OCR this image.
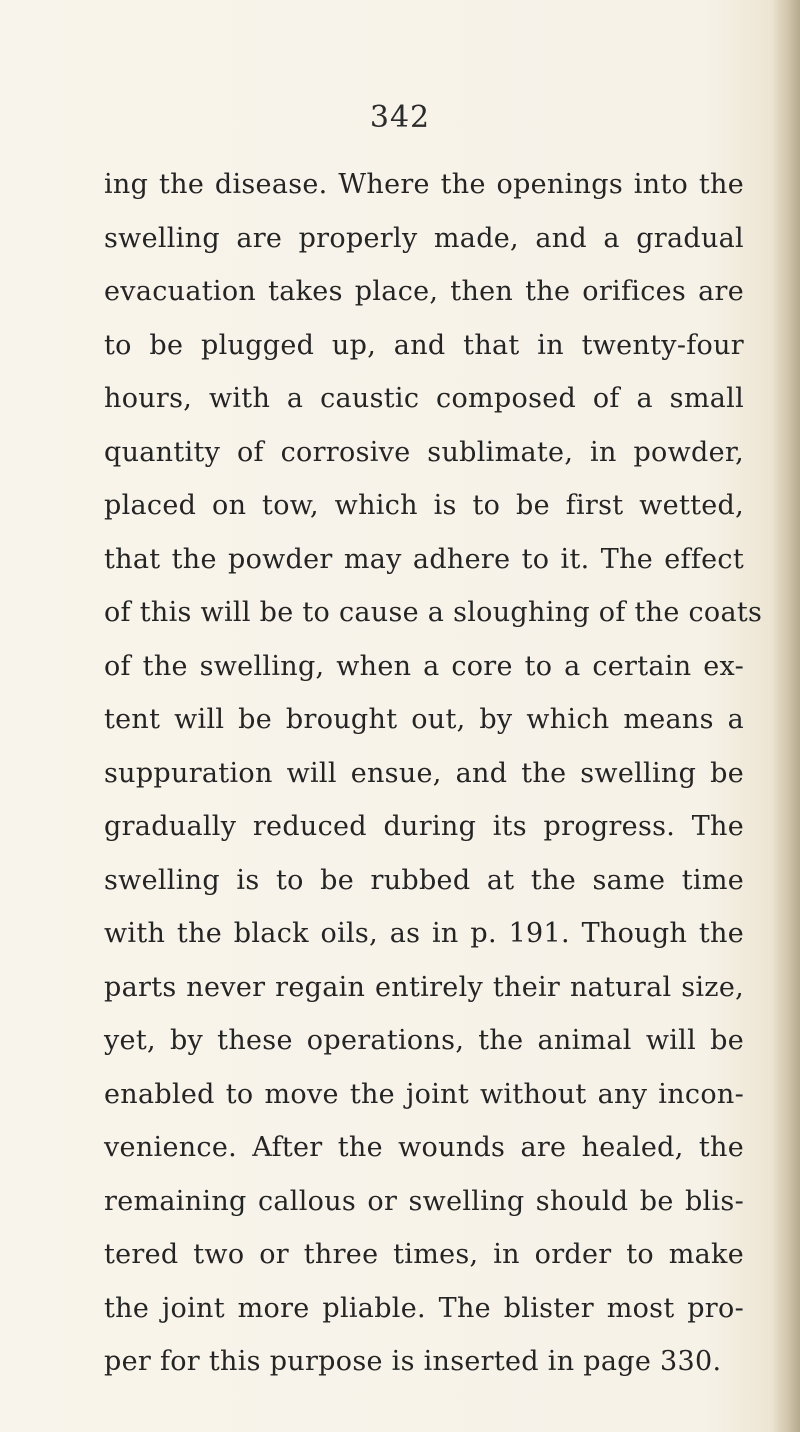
342
ing the disease. Where the openings into the
swelling are properly made, and a gradual
evacuation takes place, then the orifices are
to be plugged up, and that in twenty-four
hours, with a caustic composed of a small
quantity of corrosive sublimate, in powder,
placed on tow, which is to be first wetted,
that the powder may adhere to it. The effect
of this will be to cause a sloughing of the coats
of the swelling, when a core to a certain ex-
tent will be brought out, by which means a
suppuration will ensue, and the swelling be
gradually reduced during its progress. The
swelling is to be rubbed at the same time
with the black oils, as in p. 191. Though the
parts never regain entirely their natural size,
yet, by these operations, the animal will be
enabled to move the joint without any incon-
venience. After the wounds are healed, the
remaining callous or swelling should be blis-
tered two or three times, in order to make
the joint more pliable. The blister most pro-
per for this purpose is inserted in page 330.
